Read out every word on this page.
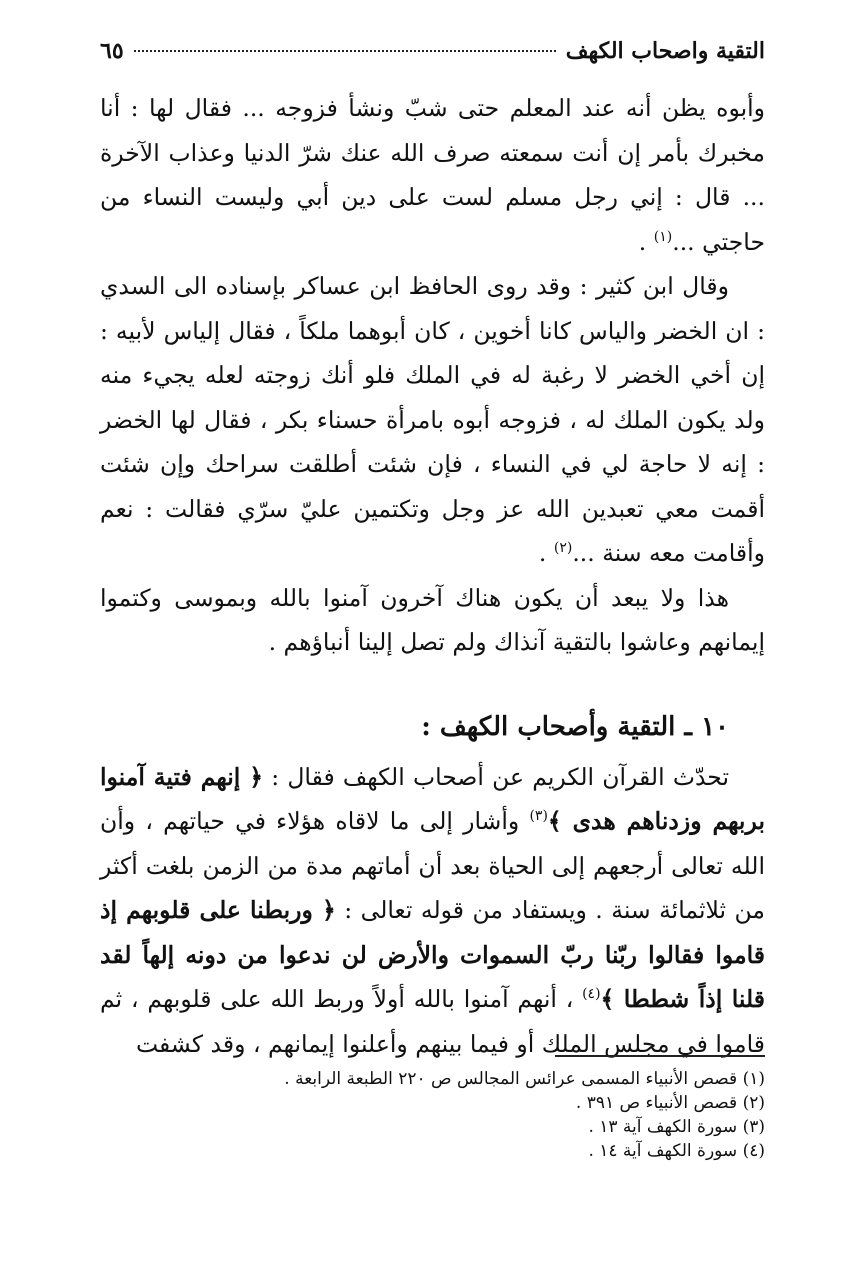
التقية واصحاب الكهف
٦٥

وأبوه يظن أنه عند المعلم حتى شبّ ونشأ فزوجه ... فقال لها : أنا مخبرك بأمر إن أنت سمعته صرف الله عنك شرّ الدنيا وعذاب الآخرة ... قال : إني رجل مسلم لست على دين أبي وليست النساء من حاجتي ...$^{(١)}$ .

وقال ابن كثير : وقد روى الحافظ ابن عساكر بإسناده الى السدي : ان الخضر والياس كانا أخوين ، كان أبوهما ملكاً ، فقال إلياس لأبيه : إن أخي الخضر لا رغبة له في الملك فلو أنك زوجته لعله يجيء منه ولد يكون الملك له ، فزوجه أبوه بامرأة حسناء بكر ، فقال لها الخضر : إنه لا حاجة لي في النساء ، فإن شئت أطلقت سراحك وإن شئت أقمت معي تعبدين الله عز وجل وتكتمين عليّ سرّي فقالت : نعم وأقامت معه سنة ...$^{(٢)}$ .

هذا ولا يبعد أن يكون هناك آخرون آمنوا بالله وبموسى وكتموا إيمانهم وعاشوا بالتقية آنذاك ولم تصل إلينا أنباؤهم .

١٠ ـ التقية وأصحاب الكهف :

تحدّث القرآن الكريم عن أصحاب الكهف فقال : ﴿ إنهم فتية آمنوا بربهم وزدناهم هدى ﴾$^{(٣)}$ وأشار إلى ما لاقاه هؤلاء في حياتهم ، وأن الله تعالى أرجعهم إلى الحياة بعد أن أماتهم مدة من الزمن بلغت أكثر من ثلاثمائة سنة . ويستفاد من قوله تعالى : ﴿ وربطنا على قلوبهم إذ قاموا فقالوا ربّنا ربّ السموات والأرض لن ندعوا من دونه إلهاً لقد قلنا إذاً شططا ﴾$^{(٤)}$ ، أنهم آمنوا بالله أولاً وربط الله على قلوبهم ، ثم قاموا في مجلس الملك أو فيما بينهم وأعلنوا إيمانهم ، وقد كشفت

(١) قصص الأنبياء المسمى عرائس المجالس ص ٢٢٠ الطبعة الرابعة .
(٢) قصص الأنبياء ص ٣٩١ .
(٣) سورة الكهف آية ١٣ .
(٤) سورة الكهف آية ١٤ .
